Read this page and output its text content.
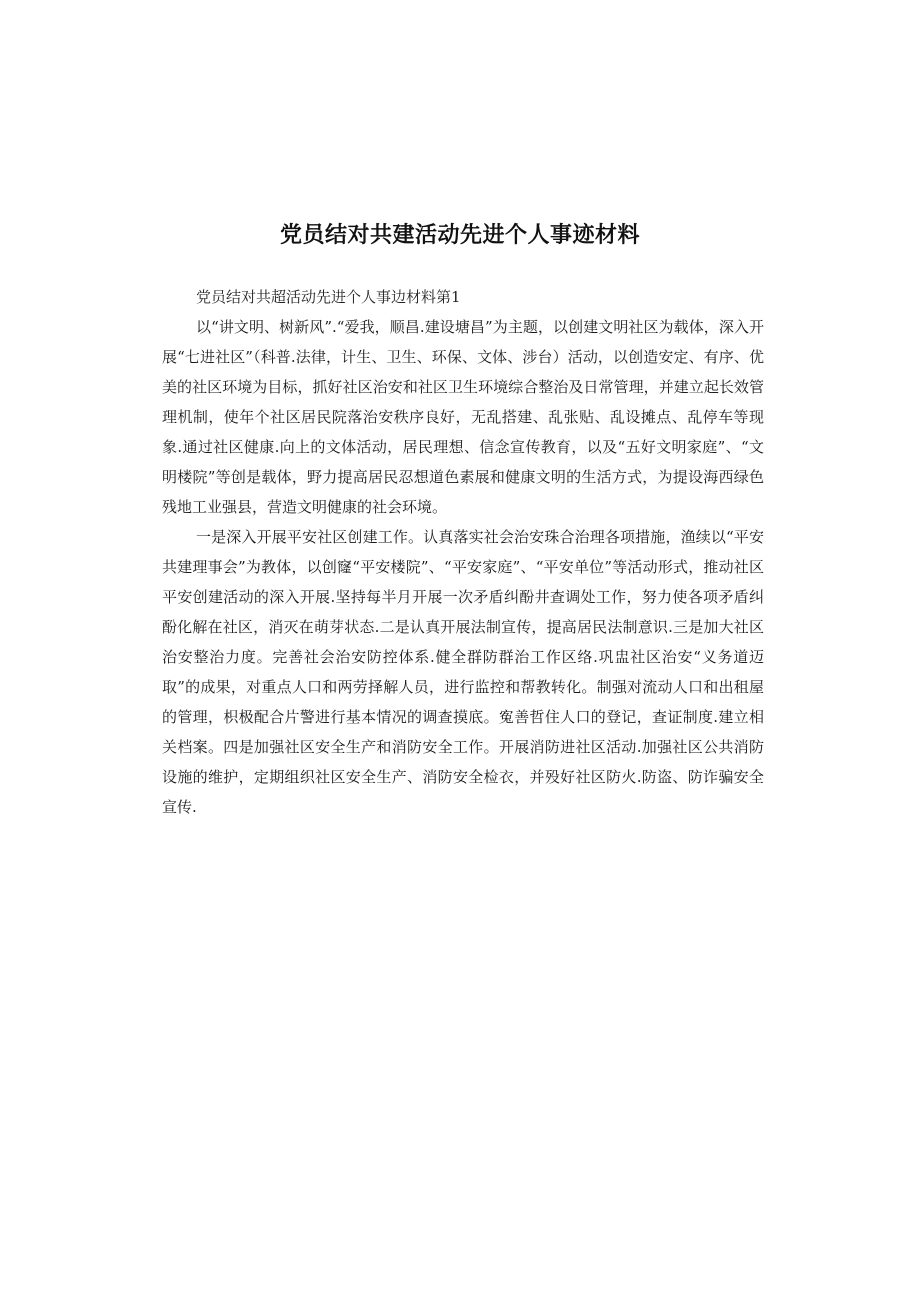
党员结对共建活动先进个人事迹材料

党员结对共超活动先进个人事边材料第1

以“讲文明、树新风”.“爱我，顺昌.建设塘昌”为主题，以创建文明社区为载体，深入开展“七进社区”（科普.法律，计生、卫生、环保、文体、涉台）活动，以创造安定、有序、优美的社区环境为目标，抓好社区治安和社区卫生环境综合整治及日常管理，并建立起长效管理机制，使年个社区居民院落治安秩序良好，无乱搭建、乱张贴、乱设摊点、乱停车等现象.通过社区健康.向上的文体活动，居民理想、信念宣传教育，以及“五好文明家庭”、“文明楼院”等创是载体，野力提高居民忍想道色素展和健康文明的生活方式，为提设海西绿色残地工业强县，营造文明健康的社会环境。

一是深入开展平安社区创建工作。认真落实社会治安珠合治理各项措施，渔续以“平安共建理事会”为教体，以创窿“平安楼院”、“平安家庭”、“平安单位”等活动形式，推动社区平安创建活动的深入开展.坚持每半月开展一次矛盾纠酚井查调处工作，努力使各项矛盾纠酚化解在社区，消灭在萌芽状态.二是认真开展法制宣传，提高居民法制意识.三是加大社区治安整治力度。完善社会治安防控体系.健全群防群治工作区络.巩盅社区治安“义务道迈取”的成果，对重点人口和两劳择解人员，进行监控和帮教转化。制强对流动人口和出租屋的管理，枳极配合片警进行基本情况的调查摸底。寃善哲住人口的登记，查证制度.建立相关档案。四是加强社区安全生产和消防安全工作。开展消防进社区活动.加强社区公共消防设施的维护，定期组织社区安全生产、消防安全检衣，并殁好社区防火.防盗、防诈骗安全宣传.
